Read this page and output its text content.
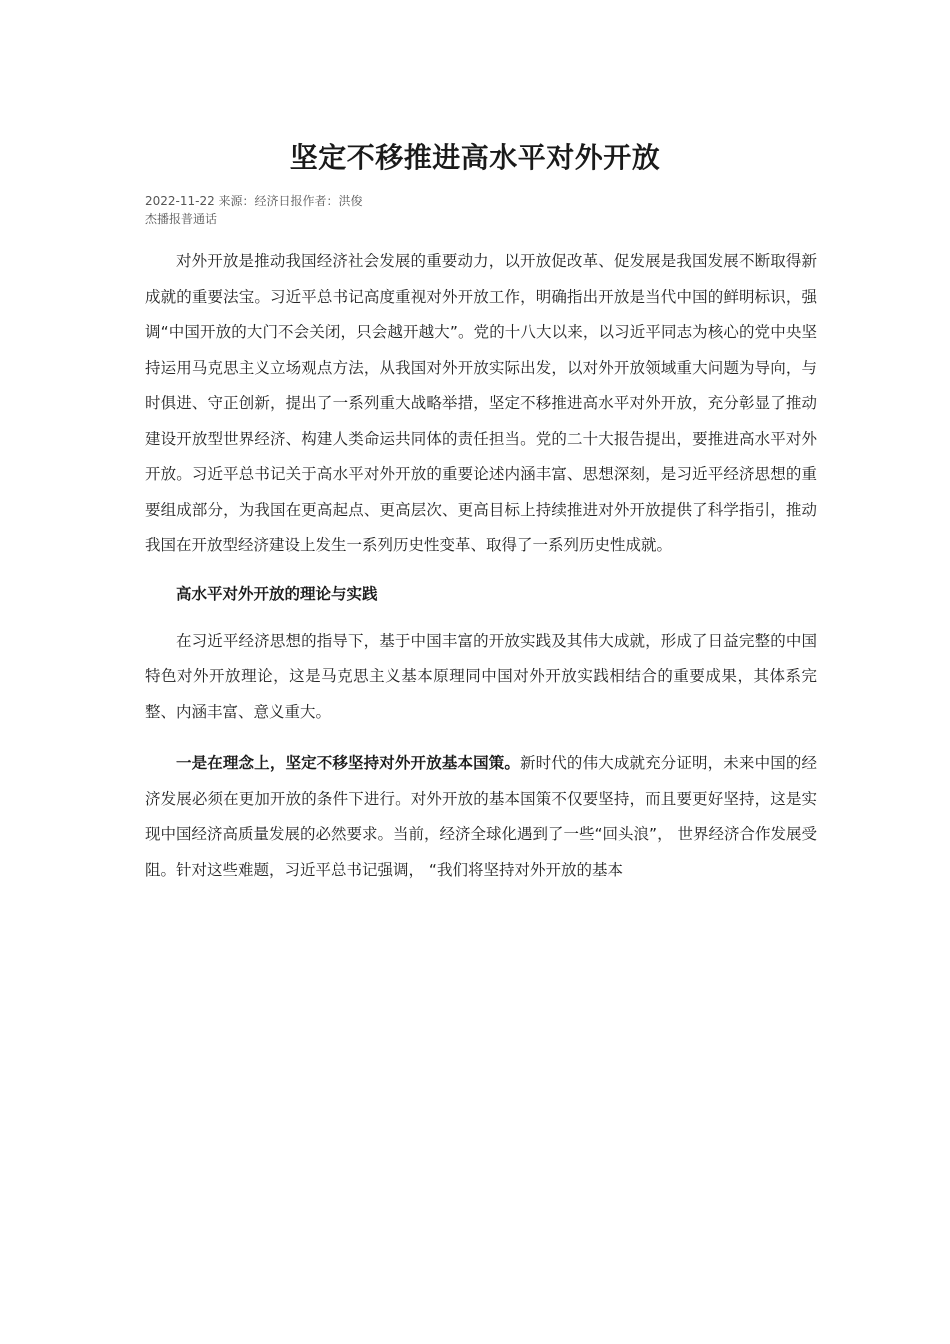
坚定不移推进高水平对外开放
2022-11-22 来源：经济日报作者：洪俊
杰播报普通话

对外开放是推动我国经济社会发展的重要动力，以开放促改革、促发展是我国发展不断取得新成就的重要法宝。习近平总书记高度重视对外开放工作，明确指出开放是当代中国的鲜明标识，强调“中国开放的大门不会关闭，只会越开越大”。党的十八大以来，以习近平同志为核心的党中央坚持运用马克思主义立场观点方法，从我国对外开放实际出发，以对外开放领域重大问题为导向，与时俱进、守正创新，提出了一系列重大战略举措，坚定不移推进高水平对外开放，充分彰显了推动建设开放型世界经济、构建人类命运共同体的责任担当。党的二十大报告提出，要推进高水平对外开放。习近平总书记关于高水平对外开放的重要论述内涵丰富、思想深刻，是习近平经济思想的重要组成部分，为我国在更高起点、更高层次、更高目标上持续推进对外开放提供了科学指引，推动我国在开放型经济建设上发生一系列历史性变革、取得了一系列历史性成就。

高水平对外开放的理论与实践

在习近平经济思想的指导下，基于中国丰富的开放实践及其伟大成就，形成了日益完整的中国特色对外开放理论，这是马克思主义基本原理同中国对外开放实践相结合的重要成果，其体系完整、内涵丰富、意义重大。

一是在理念上，坚定不移坚持对外开放基本国策。新时代的伟大成就充分证明，未来中国的经济发展必须在更加开放的条件下进行。对外开放的基本国策不仅要坚持，而且要更好坚持，这是实现中国经济高质量发展的必然要求。当前，经济全球化遇到了一些“回头浪”， 世界经济合作发展受阻。针对这些难题，习近平总书记强调， “我们将坚持对外开放的基本
